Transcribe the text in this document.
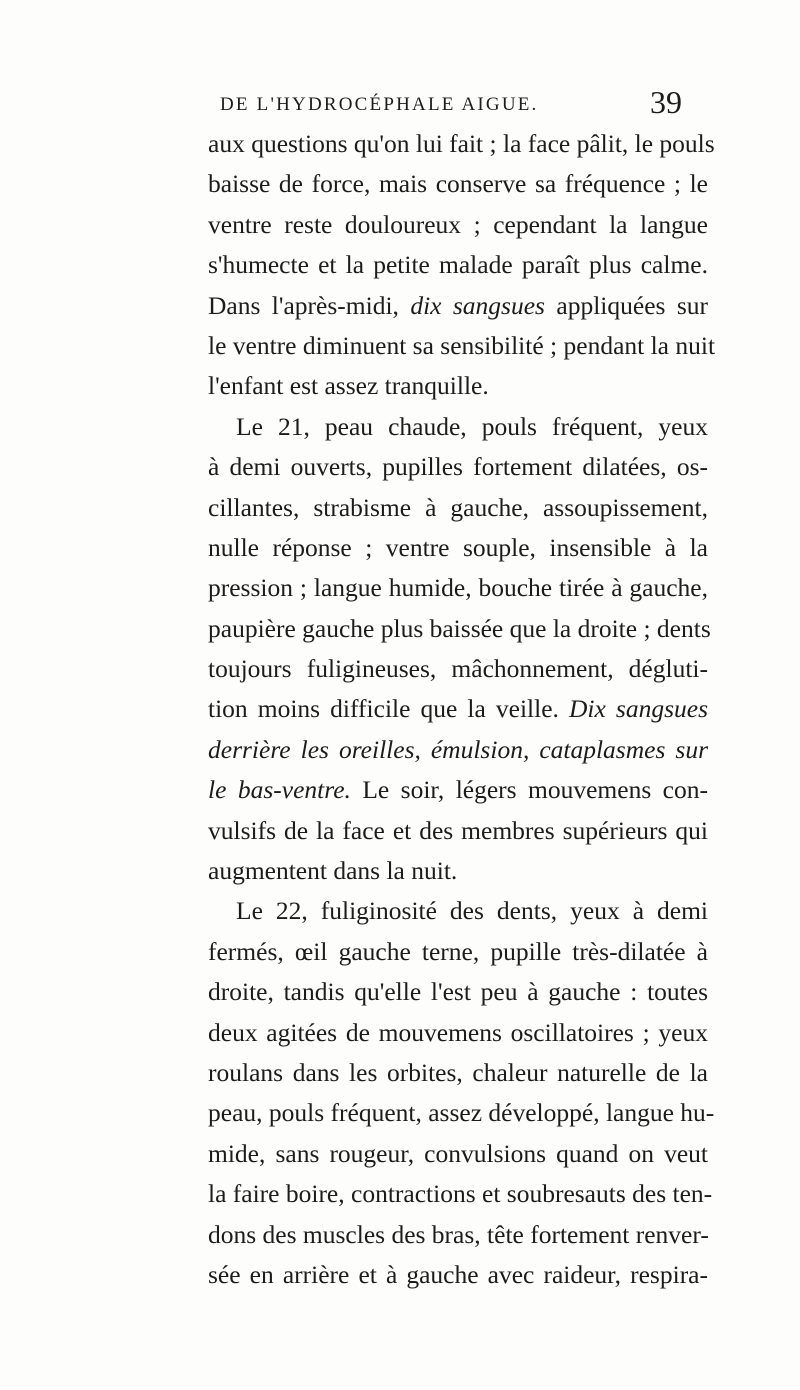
DE L'HYDROCÉPHALE AIGUE.	39
aux questions qu'on lui fait ; la face pâlit, le pouls
baisse de force, mais conserve sa fréquence ; le
ventre reste douloureux ; cependant la langue
s'humecte et la petite malade paraît plus calme.
Dans l'après-midi, dix sangsues appliquées sur
le ventre diminuent sa sensibilité ; pendant la nuit
l'enfant est assez tranquille.
Le 21, peau chaude, pouls fréquent, yeux
à demi ouverts, pupilles fortement dilatées, os-
cillantes, strabisme à gauche, assoupissement,
nulle réponse ; ventre souple, insensible à la
pression ; langue humide, bouche tirée à gauche,
paupière gauche plus baissée que la droite ; dents
toujours fuligineuses, mâchonnement, dégluti-
tion moins difficile que la veille. Dix sangsues
derrière les oreilles, émulsion, cataplasmes sur
le bas-ventre. Le soir, légers mouvemens con-
vulsifs de la face et des membres supérieurs qui
augmentent dans la nuit.
Le 22, fuliginosité des dents, yeux à demi
fermés, œil gauche terne, pupille très-dilatée à
droite, tandis qu'elle l'est peu à gauche : toutes
deux agitées de mouvemens oscillatoires ; yeux
roulans dans les orbites, chaleur naturelle de la
peau, pouls fréquent, assez développé, langue hu-
mide, sans rougeur, convulsions quand on veut
la faire boire, contractions et soubresauts des ten-
dons des muscles des bras, tête fortement renver-
sée en arrière et à gauche avec raideur, respira-
